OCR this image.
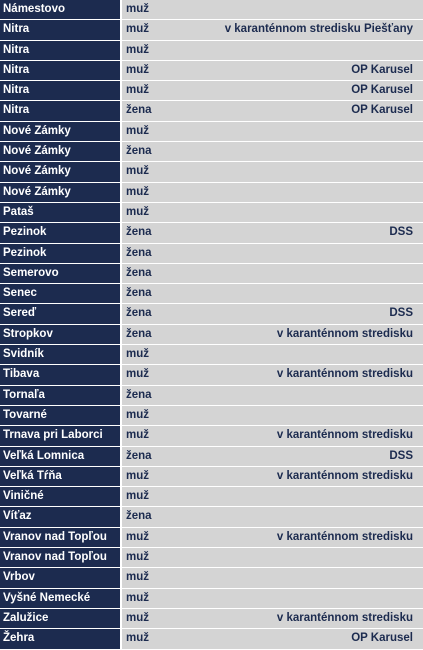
Námestovo	muž
Nitra	muž	v karanténnom stredisku Piešťany
Nitra	muž
Nitra	muž	OP Karusel
Nitra	muž	OP Karusel
Nitra	žena	OP Karusel
Nové Zámky	muž
Nové Zámky	žena
Nové Zámky	muž
Nové Zámky	muž
Pataš	muž
Pezinok	žena	DSS
Pezinok	žena
Semerovo	žena
Senec	žena
Sereď	žena	DSS
Stropkov	žena	v karanténnom stredisku
Svidník	muž
Tibava	muž	v karanténnom stredisku
Tornaľa	žena
Tovarné	muž
Trnava pri Laborci	muž	v karanténnom stredisku
Veľká Lomnica	žena	DSS
Veľká Tŕňa	muž	v karanténnom stredisku
Viničné	muž
Víťaz	žena
Vranov nad Topľou	muž	v karanténnom stredisku
Vranov nad Topľou	muž
Vrbov	muž
Vyšné Nemecké	muž
Zalužice	muž	v karanténnom stredisku
Žehra	muž	OP Karusel
